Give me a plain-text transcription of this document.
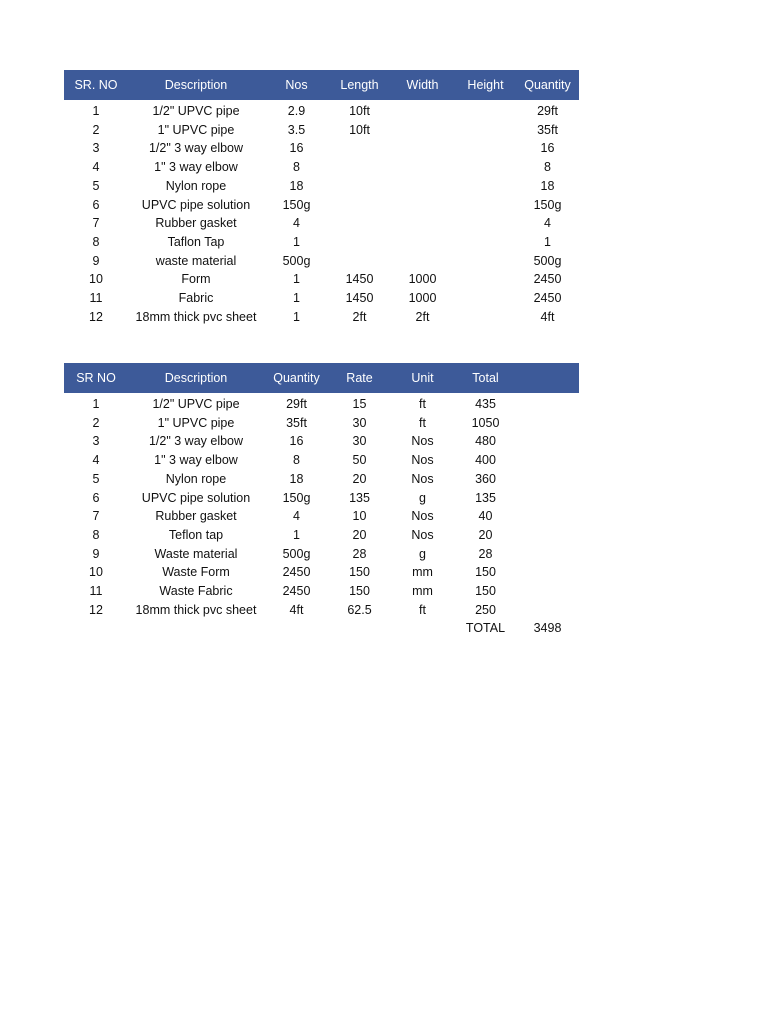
SR. NO	Description	Nos	Length	Width	Height	Quantity
1	1/2" UPVC pipe	2.9	10ft			29ft
2	1" UPVC pipe	3.5	10ft			35ft
3	1/2" 3 way elbow	16				16
4	1" 3 way elbow	8				8
5	Nylon rope	18				18
6	UPVC pipe solution	150g				150g
7	Rubber gasket	4				4
8	Taflon Tap	1				1
9	waste material	500g				500g
10	Form	1	1450	1000		2450
11	Fabric	1	1450	1000		2450
12	18mm thick pvc sheet	1	2ft	2ft		4ft
SR NO	Description	Quantity	Rate	Unit	Total	
1	1/2" UPVC pipe	29ft	15	ft	435	
2	1" UPVC pipe	35ft	30	ft	1050	
3	1/2" 3 way elbow	16	30	Nos	480	
4	1" 3 way elbow	8	50	Nos	400	
5	Nylon rope	18	20	Nos	360	
6	UPVC pipe solution	150g	135	g	135	
7	Rubber gasket	4	10	Nos	40	
8	Teflon tap	1	20	Nos	20	
9	Waste material	500g	28	g	28	
10	Waste Form	2450	150	mm	150	
11	Waste Fabric	2450	150	mm	150	
12	18mm thick pvc sheet	4ft	62.5	ft	250	
					TOTAL	3498
